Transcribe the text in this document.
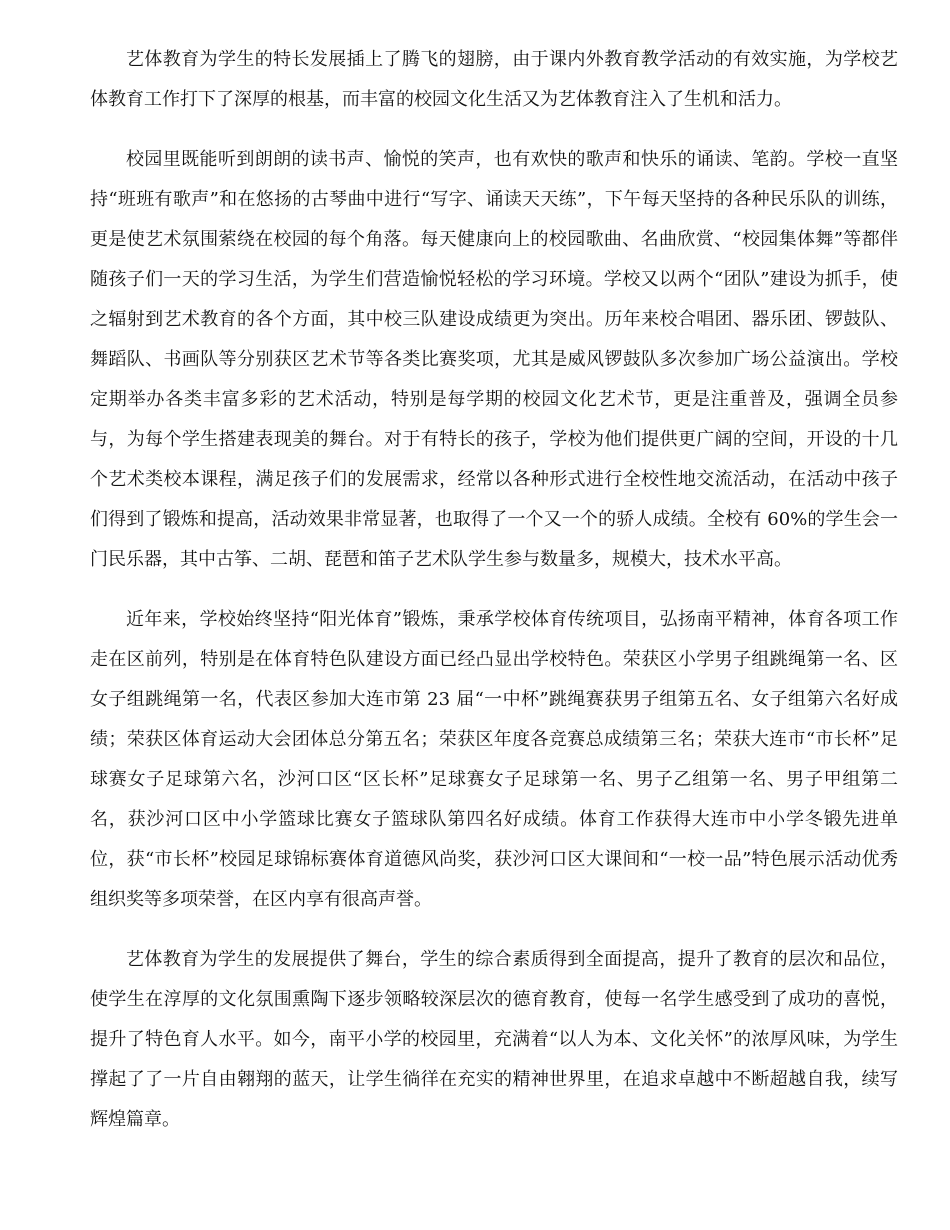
艺体教育为学生的特长发展插上了腾飞的翅膀，由于课内外教育教学活动的有效实施，为学校艺体教育工作打下了深厚的根基，而丰富的校园文化生活又为艺体教育注入了生机和活力。

校园里既能听到朗朗的读书声、愉悦的笑声，也有欢快的歌声和快乐的诵读、笔韵。学校一直坚持“班班有歌声”和在悠扬的古琴曲中进行“写字、诵读天天练”，下午每天坚持的各种民乐队的训练，更是使艺术氛围萦绕在校园的每个角落。每天健康向上的校园歌曲、名曲欣赏、“校园集体舞”等都伴随孩子们一天的学习生活，为学生们营造愉悦轻松的学习环境。学校又以两个“团队”建设为抓手，使之辐射到艺术教育的各个方面，其中校三队建设成绩更为突出。历年来校合唱团、器乐团、锣鼓队、舞蹈队、书画队等分别获区艺术节等各类比赛奖项，尤其是威风锣鼓队多次参加广场公益演出。学校定期举办各类丰富多彩的艺术活动，特别是每学期的校园文化艺术节，更是注重普及，强调全员参与，为每个学生搭建表现美的舞台。对于有特长的孩子，学校为他们提供更广阔的空间，开设的十几个艺术类校本课程，满足孩子们的发展需求，经常以各种形式进行全校性地交流活动，在活动中孩子们得到了锻炼和提高，活动效果非常显著，也取得了一个又一个的骄人成绩。全校有 60%的学生会一门民乐器，其中古筝、二胡、琵琶和笛子艺术队学生参与数量多，规模大，技术水平高。

近年来，学校始终坚持“阳光体育”锻炼，秉承学校体育传统项目，弘扬南平精神，体育各项工作走在区前列，特别是在体育特色队建设方面已经凸显出学校特色。荣获区小学男子组跳绳第一名、区女子组跳绳第一名，代表区参加大连市第 23 届“一中杯”跳绳赛获男子组第五名、女子组第六名好成绩；荣获区体育运动大会团体总分第五名；荣获区年度各竞赛总成绩第三名；荣获大连市“市长杯”足球赛女子足球第六名，沙河口区“区长杯”足球赛女子足球第一名、男子乙组第一名、男子甲组第二名，获沙河口区中小学篮球比赛女子篮球队第四名好成绩。体育工作获得大连市中小学冬锻先进单位，获“市长杯”校园足球锦标赛体育道德风尚奖，获沙河口区大课间和“一校一品”特色展示活动优秀组织奖等多项荣誉，在区内享有很高声誉。

艺体教育为学生的发展提供了舞台，学生的综合素质得到全面提高，提升了教育的层次和品位，使学生在淳厚的文化氛围熏陶下逐步领略较深层次的德育教育，使每一名学生感受到了成功的喜悦，提升了特色育人水平。如今，南平小学的校园里，充满着“以人为本、文化关怀”的浓厚风味，为学生撑起了了一片自由翱翔的蓝天，让学生徜徉在充实的精神世界里，在追求卓越中不断超越自我，续写辉煌篇章。
